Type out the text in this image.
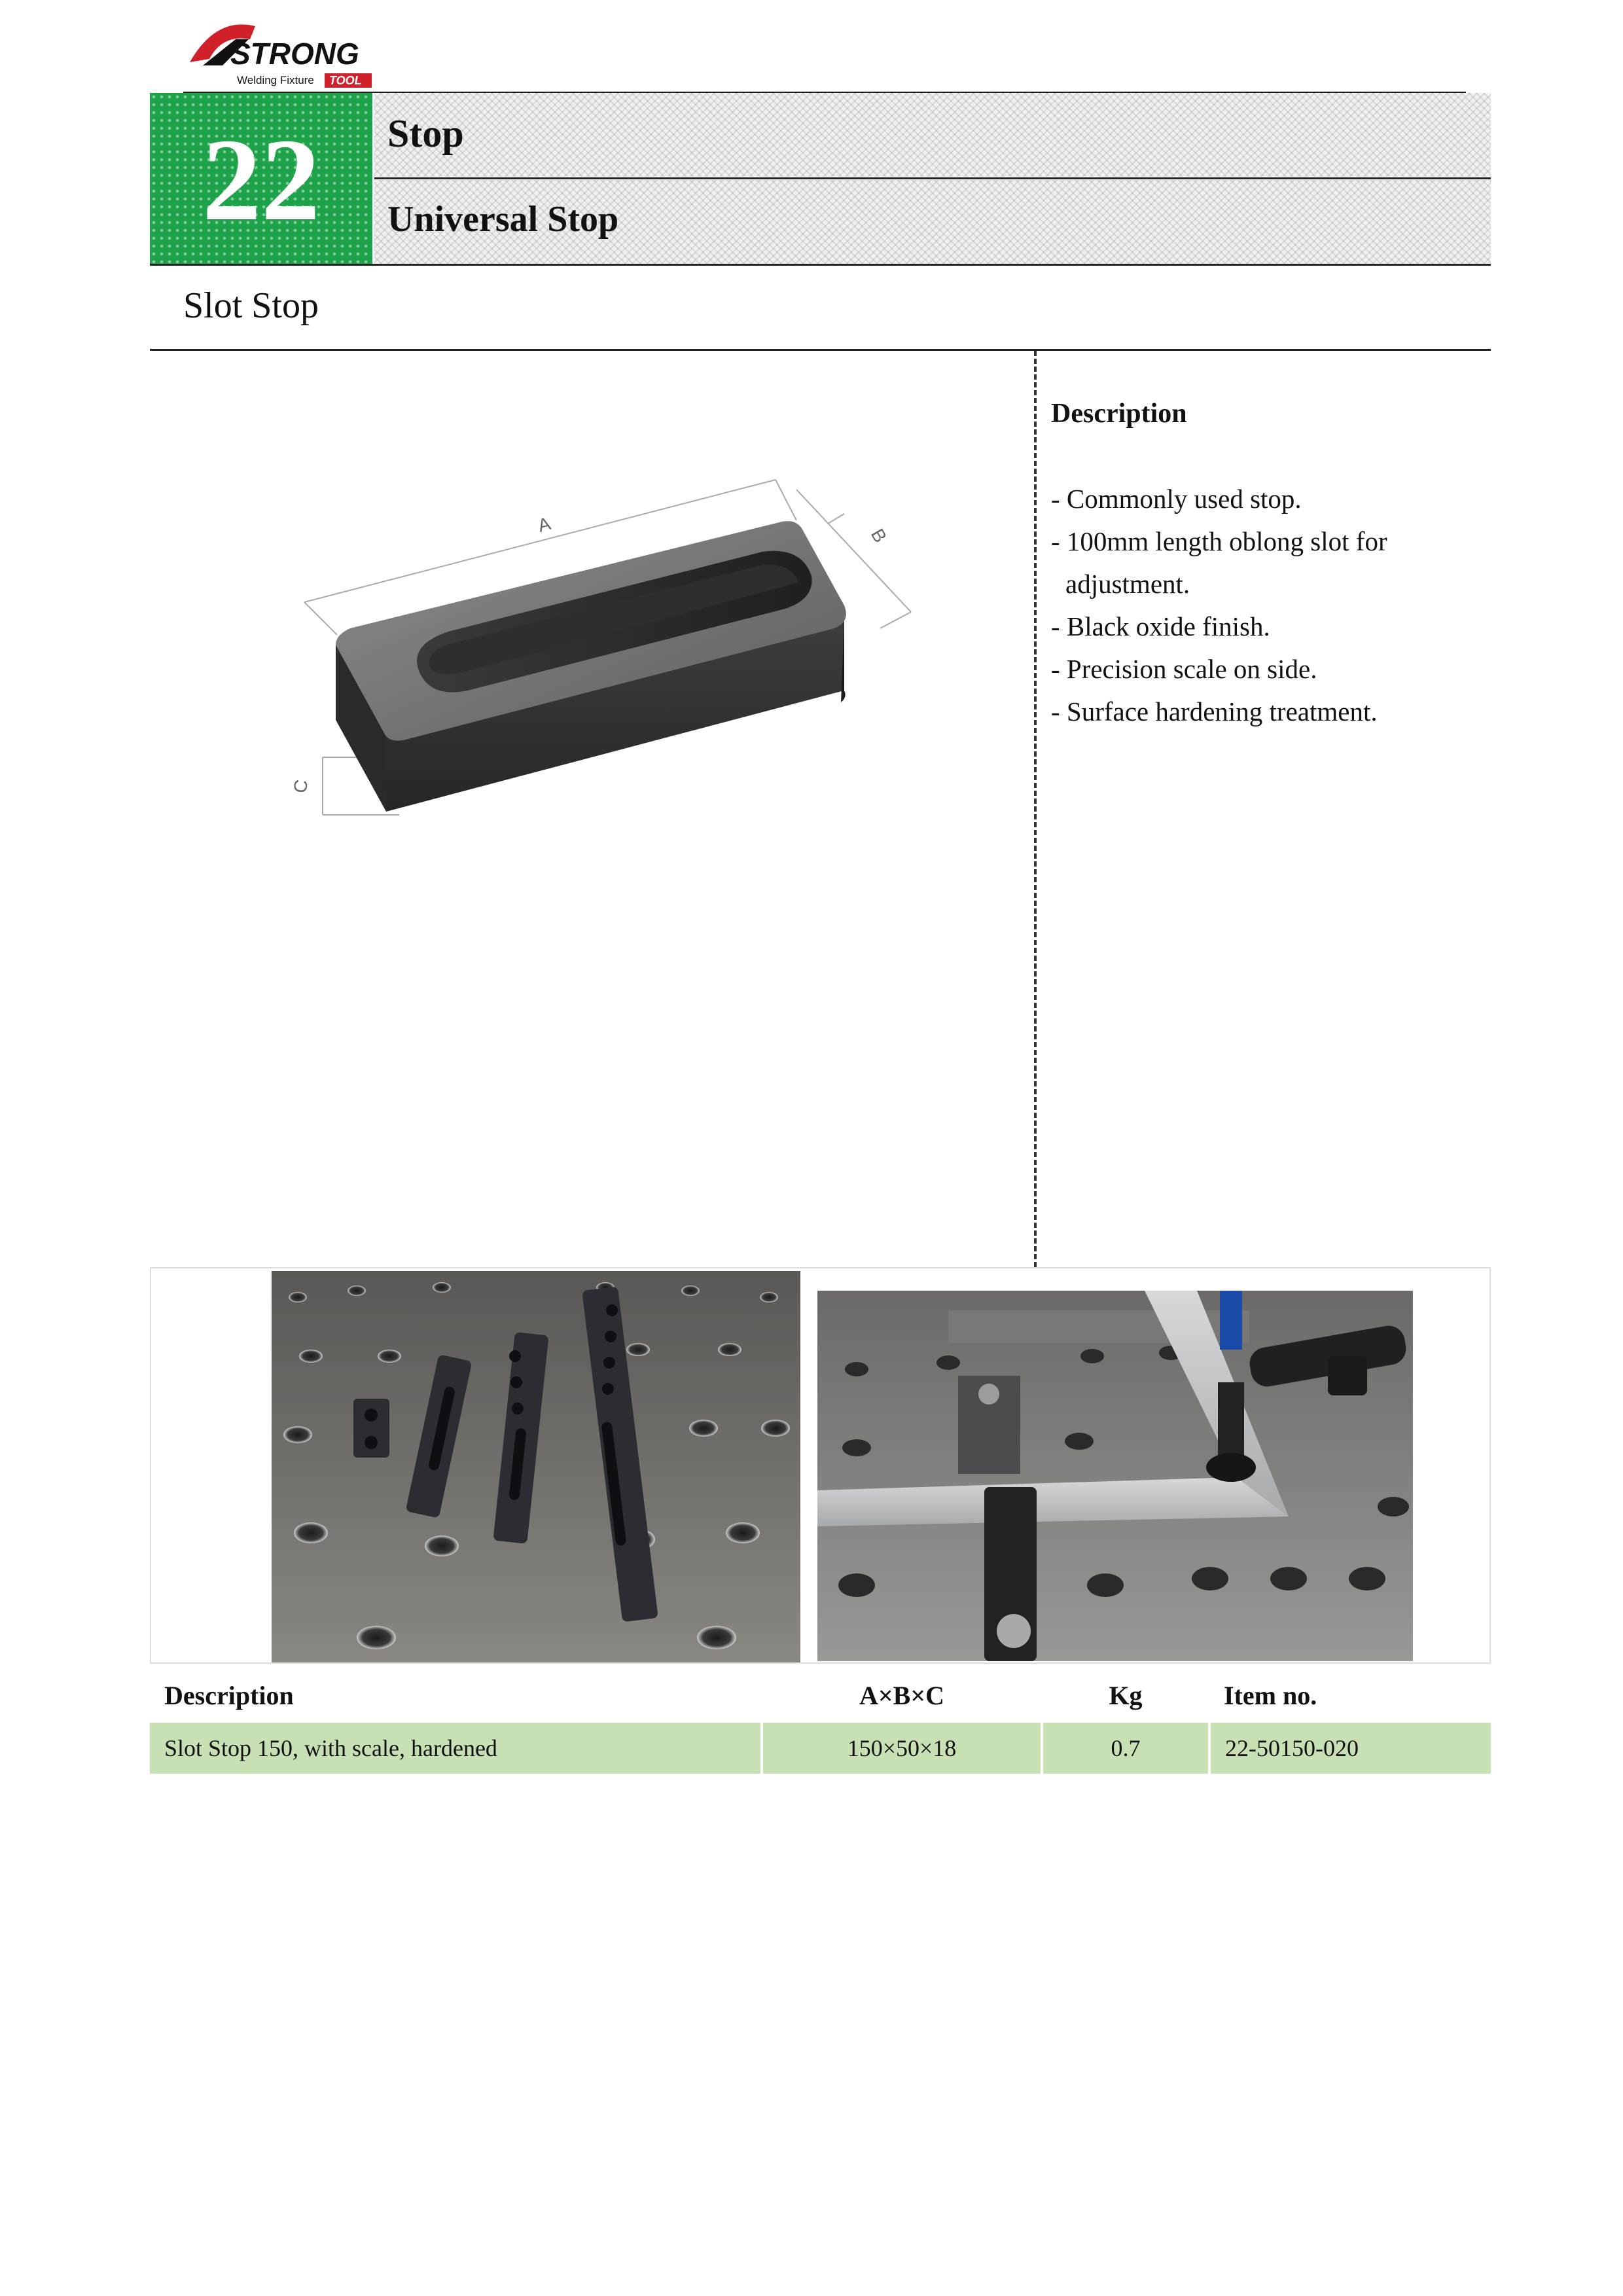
STRONG
Welding Fixture TOOL
22	Stop
Universal Stop
Slot Stop
A	B
C
Description
- Commonly used stop.
- 100mm length oblong slot for
adjustment.
- Black oxide finish.
- Precision scale on side.
- Surface hardening treatment.
Description	A×B×C	Kg	Item no.
Slot Stop 150, with scale, hardened	150×50×18	0.7	22-50150-020
